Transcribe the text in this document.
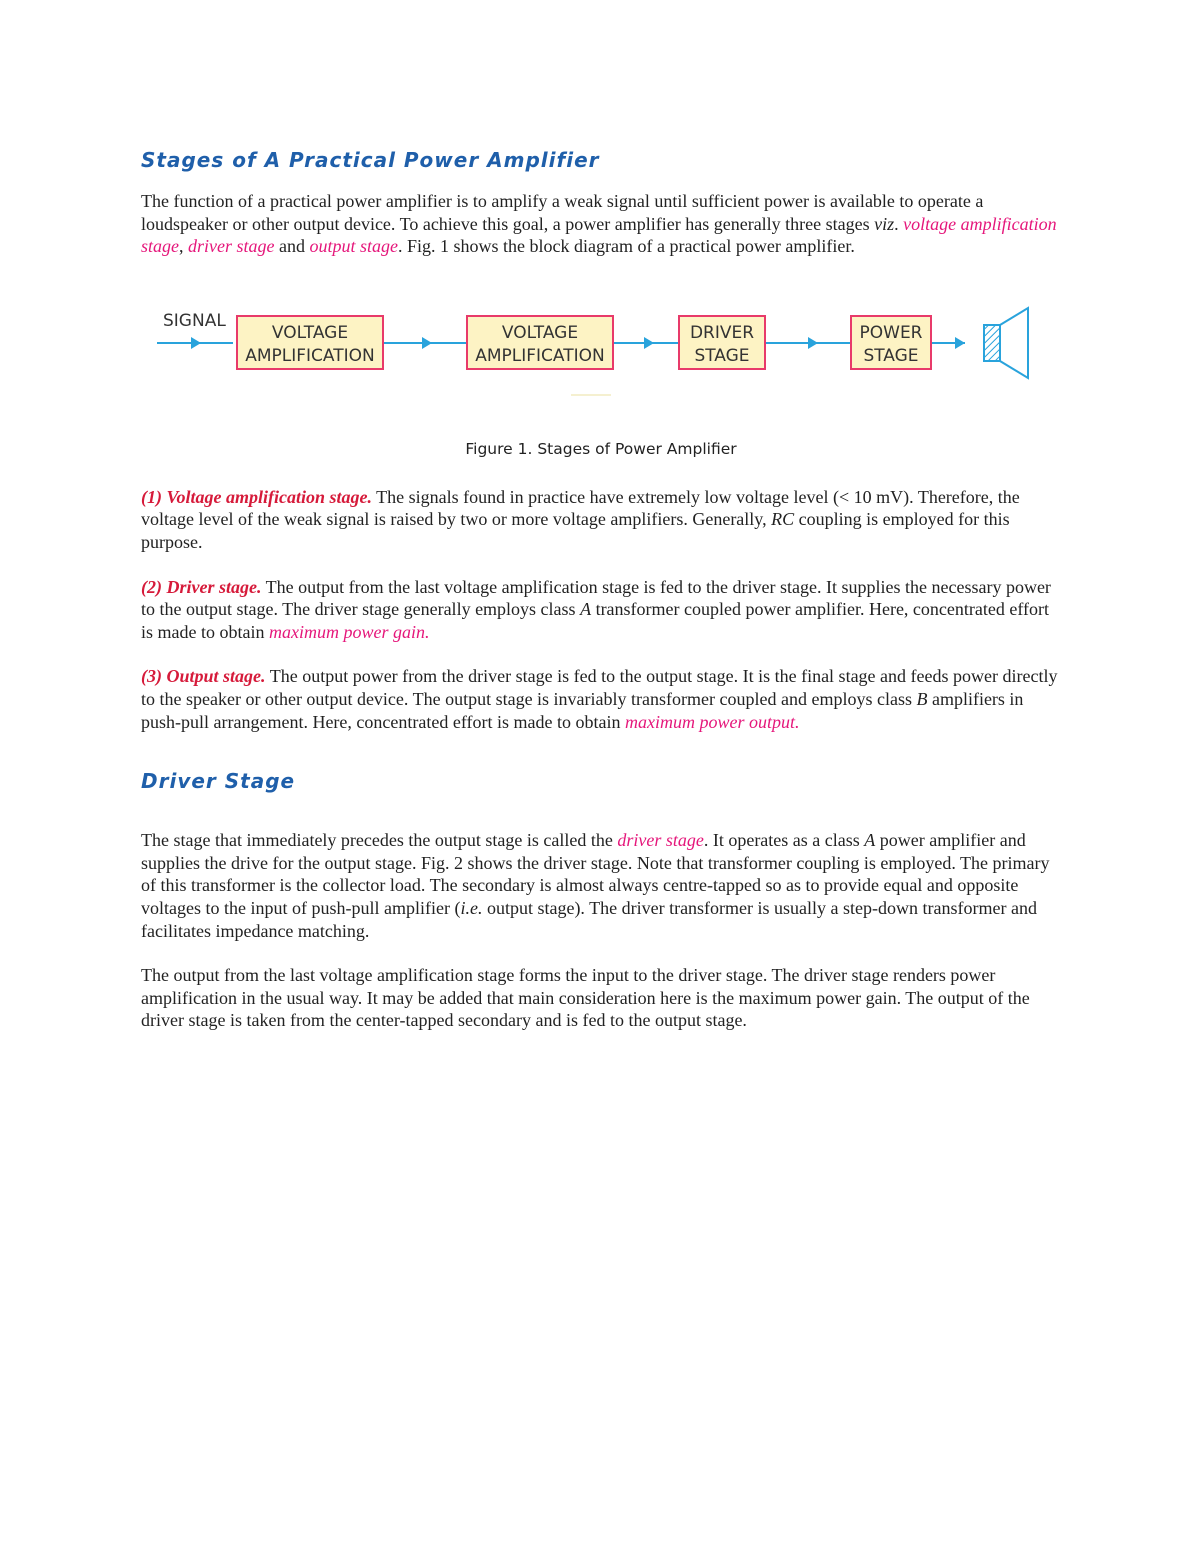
Stages of A Practical Power Amplifier

The function of a practical power amplifier is to amplify a weak signal until sufficient power is available to operate a loudspeaker or other output device. To achieve this goal, a power amplifier has generally three stages viz. voltage amplification stage, driver stage and output stage. Fig. 1 shows the block diagram of a practical power amplifier.

SIGNAL
VOLTAGE
AMPLIFICATION
VOLTAGE
AMPLIFICATION
DRIVER
STAGE
POWER
STAGE
Figure 1. Stages of Power Amplifier

(1) Voltage amplification stage. The signals found in practice have extremely low voltage level (< 10 mV). Therefore, the voltage level of the weak signal is raised by two or more voltage amplifiers. Generally, RC coupling is employed for this purpose.

(2) Driver stage. The output from the last voltage amplification stage is fed to the driver stage. It supplies the necessary power to the output stage. The driver stage generally employs class A transformer coupled power amplifier. Here, concentrated effort is made to obtain maximum power gain.

(3) Output stage. The output power from the driver stage is fed to the output stage. It is the final stage and feeds power directly to the speaker or other output device. The output stage is invariably transformer coupled and employs class B amplifiers in push-pull arrangement. Here, concentrated effort is made to obtain maximum power output.

Driver Stage

The stage that immediately precedes the output stage is called the driver stage. It operates as a class A power amplifier and supplies the drive for the output stage. Fig. 2 shows the driver stage. Note that transformer coupling is employed. The primary of this transformer is the collector load. The secondary is almost always centre-tapped so as to provide equal and opposite voltages to the input of push-pull amplifier (i.e. output stage). The driver transformer is usually a step-down transformer and facilitates impedance matching.

The output from the last voltage amplification stage forms the input to the driver stage. The driver stage renders power amplification in the usual way. It may be added that main consideration here is the maximum power gain. The output of the driver stage is taken from the center-tapped secondary and is fed to the output stage.
